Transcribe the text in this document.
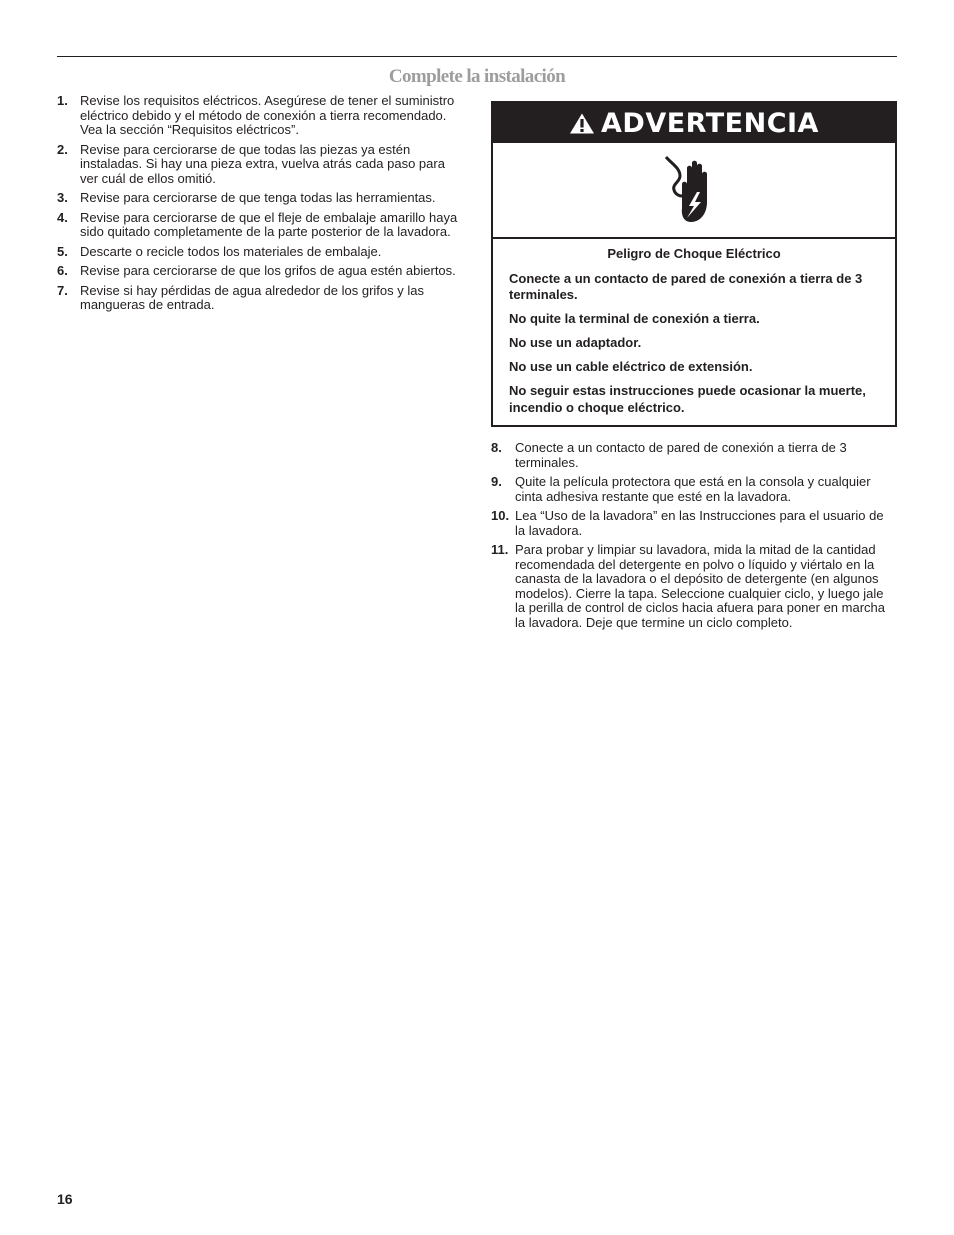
Complete la instalación
1. Revise los requisitos eléctricos. Asegúrese de tener el suministro eléctrico debido y el método de conexión a tierra recomendado. Vea la sección “Requisitos eléctricos”.
2. Revise para cerciorarse de que todas las piezas ya estén instaladas. Si hay una pieza extra, vuelva atrás cada paso para ver cuál de ellos omitió.
3. Revise para cerciorarse de que tenga todas las herramientas.
4. Revise para cerciorarse de que el fleje de embalaje amarillo haya sido quitado completamente de la parte posterior de la lavadora.
5. Descarte o recicle todos los materiales de embalaje.
6. Revise para cerciorarse de que los grifos de agua estén abiertos.
7. Revise si hay pérdidas de agua alrededor de los grifos y las mangueras de entrada.
ADVERTENCIA

Peligro de Choque Eléctrico

Conecte a un contacto de pared de conexión a tierra de 3 terminales.

No quite la terminal de conexión a tierra.

No use un adaptador.

No use un cable eléctrico de extensión.

No seguir estas instrucciones puede ocasionar la muerte, incendio o choque eléctrico.

8. Conecte a un contacto de pared de conexión a tierra de 3 terminales.
9. Quite la película protectora que está en la consola y cualquier cinta adhesiva restante que esté en la lavadora.
10. Lea “Uso de la lavadora” en las Instrucciones para el usuario de la lavadora.
11. Para probar y limpiar su lavadora, mida la mitad de la cantidad recomendada del detergente en polvo o líquido y viértalo en la canasta de la lavadora o el depósito de detergente (en algunos modelos). Cierre la tapa. Seleccione cualquier ciclo, y luego jale la perilla de control de ciclos hacia afuera para poner en marcha la lavadora. Deje que termine un ciclo completo.
16
